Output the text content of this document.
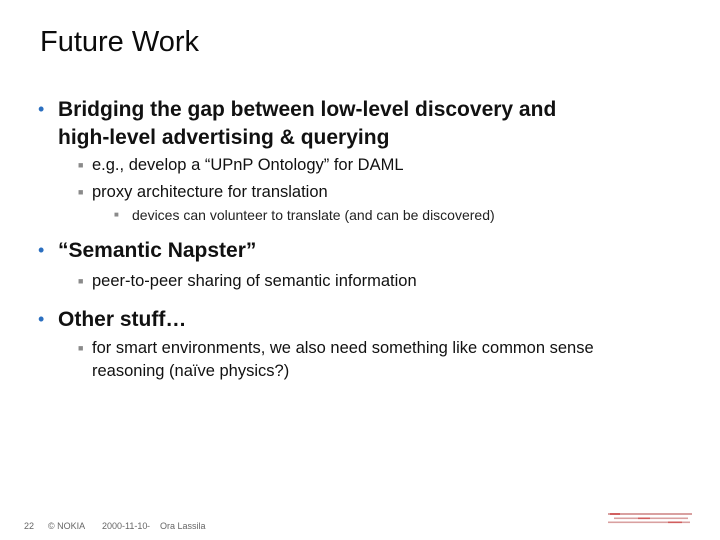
Future Work
• Bridging the gap between low-level discovery and
high-level advertising & querying
■ e.g., develop a “UPnP Ontology” for DAML
■ proxy architecture for translation
■ devices can volunteer to translate (and can be discovered)
• “Semantic Napster”
■ peer-to-peer sharing of semantic information
• Other stuff…
■ for smart environments, we also need something like common sense
reasoning (naïve physics?)
22 © NOKIA 2000-11-10 - Ora Lassila
